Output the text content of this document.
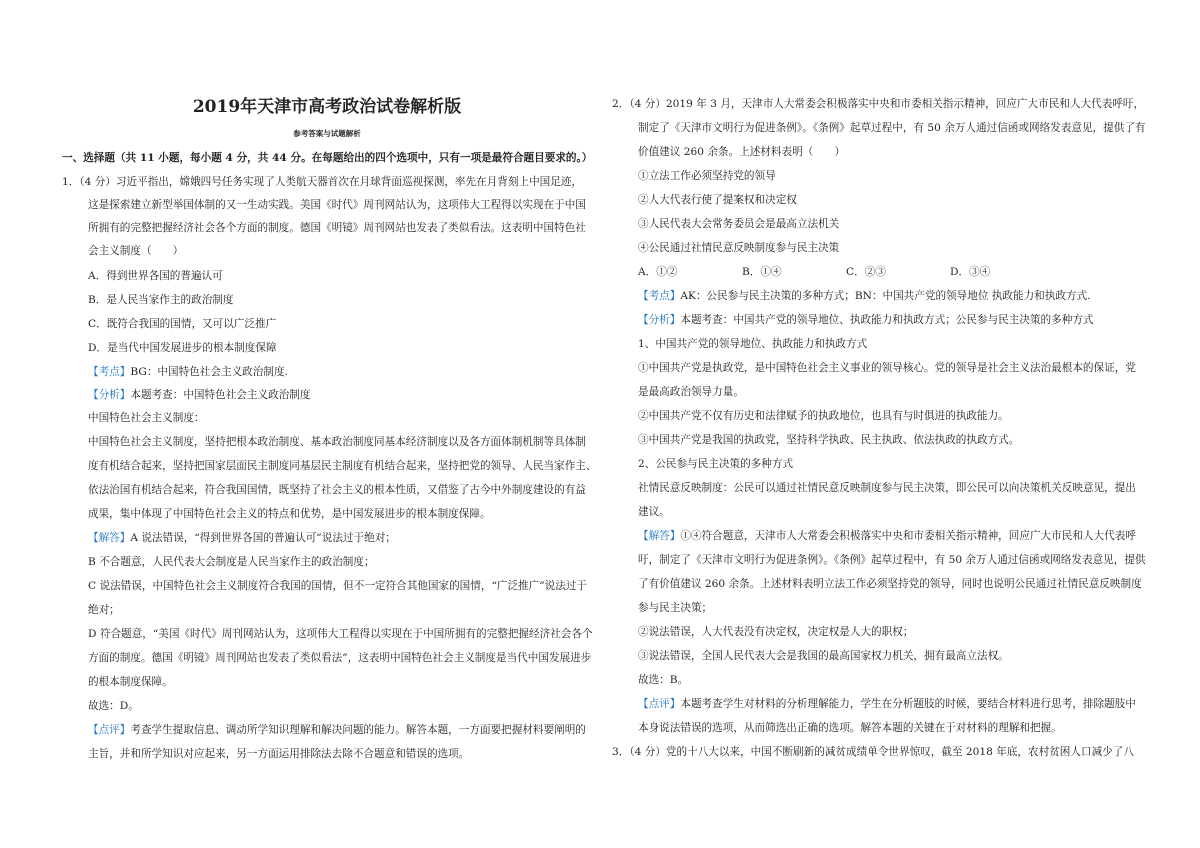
2019年天津市高考政治试卷解析版
参考答案与试题解析
一、选择题（共 11 小题，每小题 4 分，共 44 分。在每题给出的四个选项中，只有一项是最符合题目要求的。）
1．（4 分）习近平指出，嫦娥四号任务实现了人类航天器首次在月球背面巡视探测，率先在月背刻上中国足迹，
这是探索建立新型举国体制的又一生动实践。美国《时代》周刊网站认为，这项伟大工程得以实现在于中国
所拥有的完整把握经济社会各个方面的制度。德国《明镜》周刊网站也发表了类似看法。这表明中国特色社
会主义制度（　　）
A．得到世界各国的普遍认可
B．是人民当家作主的政治制度
C．既符合我国的国情，又可以广泛推广
D．是当代中国发展进步的根本制度保障
【考点】BG：中国特色社会主义政治制度.
【分析】本题考查：中国特色社会主义政治制度
中国特色社会主义制度：
中国特色社会主义制度，坚持把根本政治制度、基本政治制度同基本经济制度以及各方面体制机制等具体制
度有机结合起来，坚持把国家层面民主制度同基层民主制度有机结合起来，坚持把党的领导、人民当家作主、
依法治国有机结合起来，符合我国国情，既坚持了社会主义的根本性质，又借鉴了古今中外制度建设的有益
成果，集中体现了中国特色社会主义的特点和优势，是中国发展进步的根本制度保障。
【解答】A 说法错误，“得到世界各国的普遍认可”说法过于绝对；
B 不合题意，人民代表大会制度是人民当家作主的政治制度；
C 说法错误，中国特色社会主义制度符合我国的国情，但不一定符合其他国家的国情，“广泛推广”说法过于
绝对；
D 符合题意，“美国《时代》周刊网站认为，这项伟大工程得以实现在于中国所拥有的完整把握经济社会各个
方面的制度。德国《明镜》周刊网站也发表了类似看法”，这表明中国特色社会主义制度是当代中国发展进步
的根本制度保障。
故选：D。
【点评】考查学生提取信息、调动所学知识理解和解决问题的能力。解答本题，一方面要把握材料要阐明的
主旨，并和所学知识对应起来，另一方面运用排除法去除不合题意和错误的选项。
2．（4 分）2019 年 3 月，天津市人大常委会积极落实中央和市委相关指示精神，回应广大市民和人大代表呼吁，
制定了《天津市文明行为促进条例》。《条例》起草过程中，有 50 余万人通过信函或网络发表意见，提供了有
价值建议 260 余条。上述材料表明（　　）
①立法工作必须坚持党的领导
②人大代表行使了提案权和决定权
③人民代表大会常务委员会是最高立法机关
④公民通过社情民意反映制度参与民主决策
A．①②	B．①④	C．②③	D．③④
【考点】AK：公民参与民主决策的多种方式；BN：中国共产党的领导地位 执政能力和执政方式.
【分析】本题考查：中国共产党的领导地位、执政能力和执政方式；公民参与民主决策的多种方式
1、中国共产党的领导地位、执政能力和执政方式
①中国共产党是执政党，是中国特色社会主义事业的领导核心。党的领导是社会主义法治最根本的保证，党
是最高政治领导力量。
②中国共产党不仅有历史和法律赋予的执政地位，也具有与时俱进的执政能力。
③中国共产党是我国的执政党，坚持科学执政、民主执政、依法执政的执政方式。
2、公民参与民主决策的多种方式
社情民意反映制度：公民可以通过社情民意反映制度参与民主决策，即公民可以向决策机关反映意见，提出
建议。
【解答】①④符合题意，天津市人大常委会积极落实中央和市委相关指示精神，回应广大市民和人大代表呼
吁，制定了《天津市文明行为促进条例》。《条例》起草过程中，有 50 余万人通过信函或网络发表意见，提供
了有价值建议 260 余条。上述材料表明立法工作必须坚持党的领导，同时也说明公民通过社情民意反映制度
参与民主决策；
②说法错误，人大代表没有决定权，决定权是人大的职权；
③说法错误，全国人民代表大会是我国的最高国家权力机关，拥有最高立法权。
故选：B。
【点评】本题考查学生对材料的分析理解能力，学生在分析题肢的时候，要结合材料进行思考，排除题肢中
本身说法错误的选项，从而筛选出正确的选项。解答本题的关键在于对材料的理解和把握。
3．（4 分）党的十八大以来，中国不断刷新的减贫成绩单令世界惊叹，截至 2018 年底，农村贫困人口减少了八
